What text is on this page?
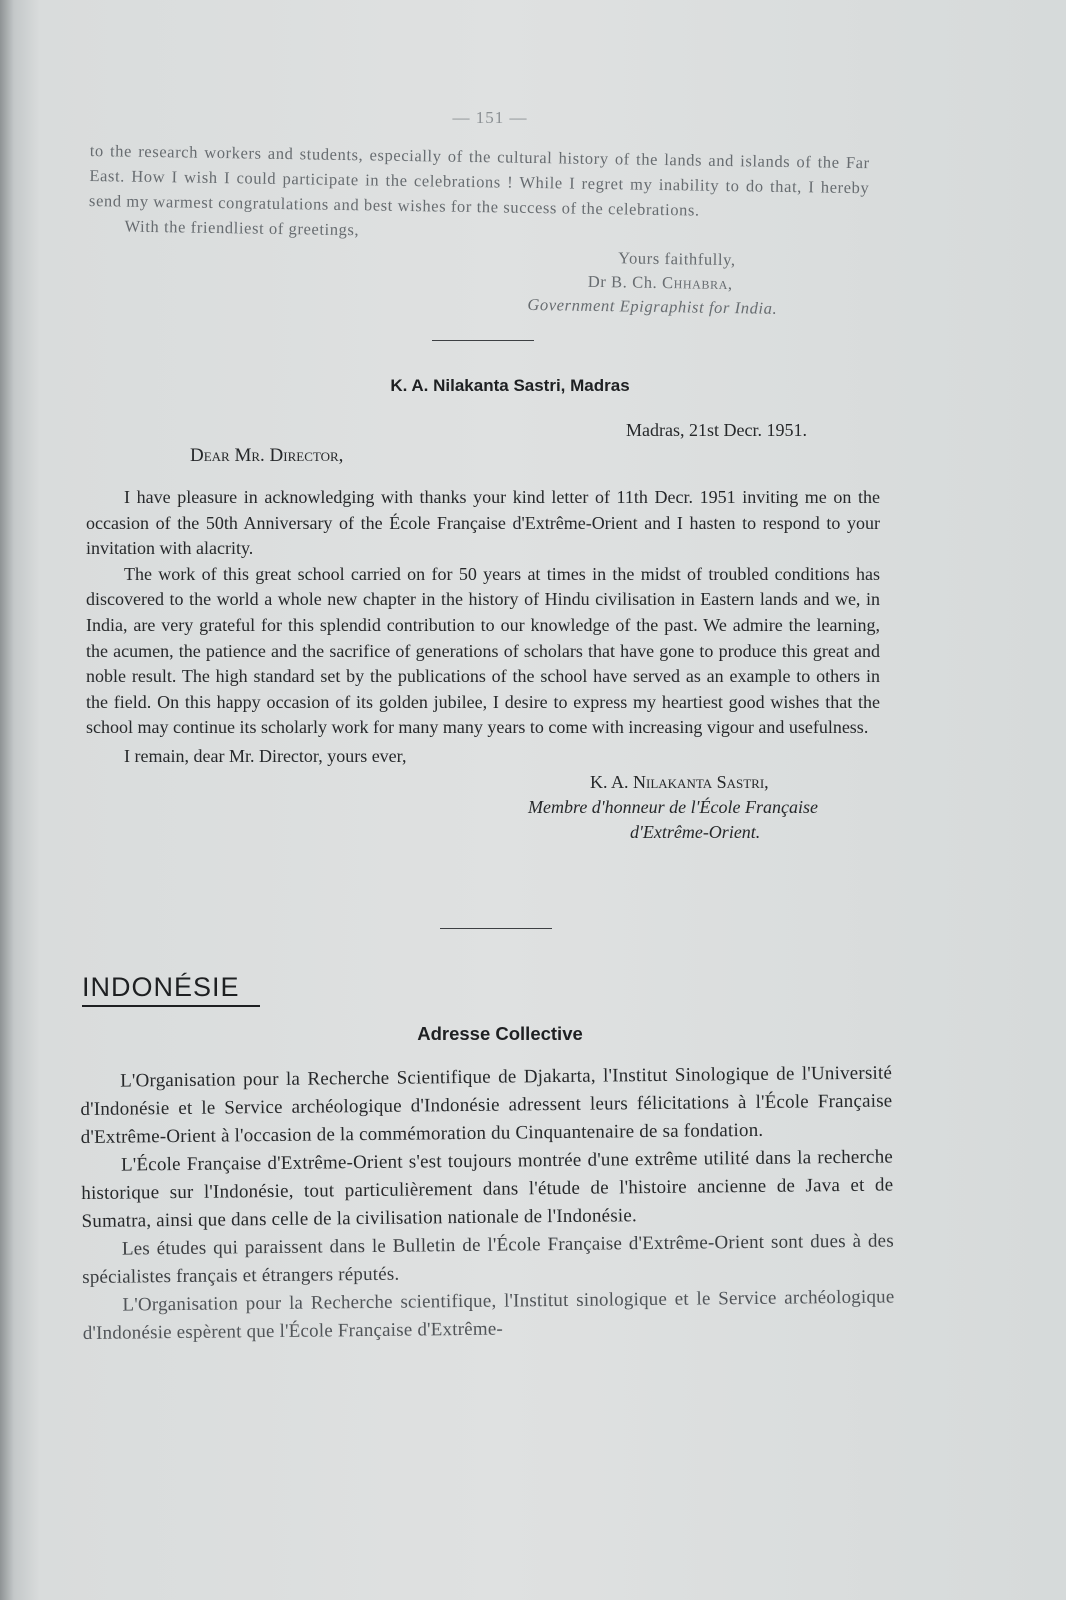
— 151 —

to the research workers and students, especially of the cultural history of the lands and islands of the Far East. How I wish I could participate in the celebrations ! While I regret my inability to do that, I hereby send my warmest congratulations and best wishes for the success of the celebrations.

With the friendliest of greetings,

Yours faithfully,
Dr B. Ch. Chhabra,
Government Epigraphist for India.
K. A. Nilakanta Sastri, Madras
Madras, 21st Decr. 1951.
Dear Mr. Director,

I have pleasure in acknowledging with thanks your kind letter of 11th Decr. 1951 inviting me on the occasion of the 50th Anniversary of the École Française d'Extrême-Orient and I hasten to respond to your invitation with alacrity.

The work of this great school carried on for 50 years at times in the midst of troubled conditions has discovered to the world a whole new chapter in the history of Hindu civilisation in Eastern lands and we, in India, are very grateful for this splendid contribution to our knowledge of the past. We admire the learning, the acumen, the patience and the sacrifice of generations of scholars that have gone to produce this great and noble result. The high standard set by the publications of the school have served as an example to others in the field. On this happy occasion of its golden jubilee, I desire to express my heartiest good wishes that the school may continue its scholarly work for many many years to come with increasing vigour and usefulness.

I remain, dear Mr. Director, yours ever,

K. A. Nilakanta Sastri,
Membre d'honneur de l'École Française
d'Extrême-Orient.
INDONÉSIE
Adresse Collective

L'Organisation pour la Recherche Scientifique de Djakarta, l'Institut Sinologique de l'Université d'Indonésie et le Service archéologique d'Indonésie adressent leurs félicitations à l'École Française d'Extrême-Orient à l'occasion de la commémoration du Cinquantenaire de sa fondation.

L'École Française d'Extrême-Orient s'est toujours montrée d'une extrême utilité dans la recherche historique sur l'Indonésie, tout particulièrement dans l'étude de l'histoire ancienne de Java et de Sumatra, ainsi que dans celle de la civilisation nationale de l'Indonésie.

Les études qui paraissent dans le Bulletin de l'École Française d'Extrême-Orient sont dues à des spécialistes français et étrangers réputés.

L'Organisation pour la Recherche scientifique, l'Institut sinologique et le Service archéologique d'Indonésie espèrent que l'École Française d'Extrême-
